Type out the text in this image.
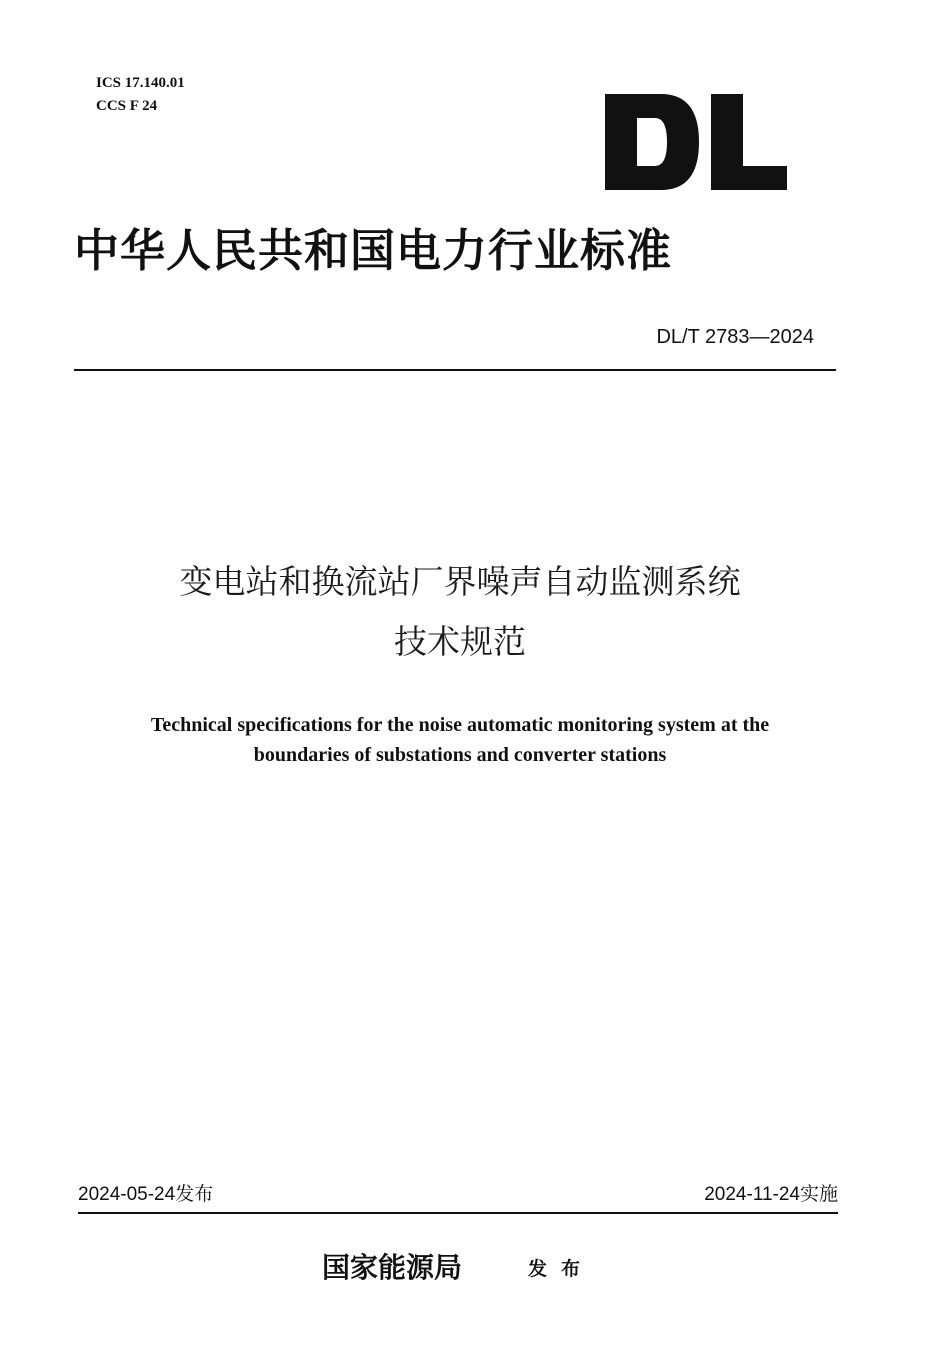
ICS 17.140.01
CCS F 24
中华人民共和国电力行业标准
DL/T 2783—2024
变电站和换流站厂界噪声自动监测系统
技术规范
Technical specifications for the noise automatic monitoring system at the
boundaries of substations and converter stations
2024-05-24发布	2024-11-24实施
国家能源局	发布
